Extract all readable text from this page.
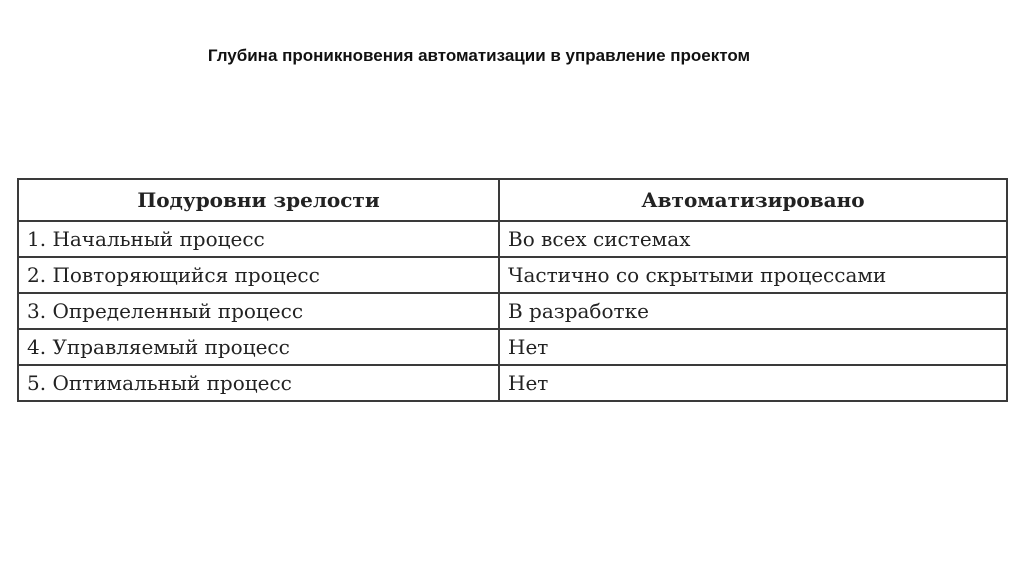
Глубина проникновения автоматизации в управление проектом
Подуровни зрелости	Автоматизировано
1. Начальный процесс	Во всех системах
2. Повторяющийся процесс	Частично со скрытыми процессами
3. Определенный процесс	В разработке
4. Управляемый процесс	Нет
5. Оптимальный процесс	Нет
